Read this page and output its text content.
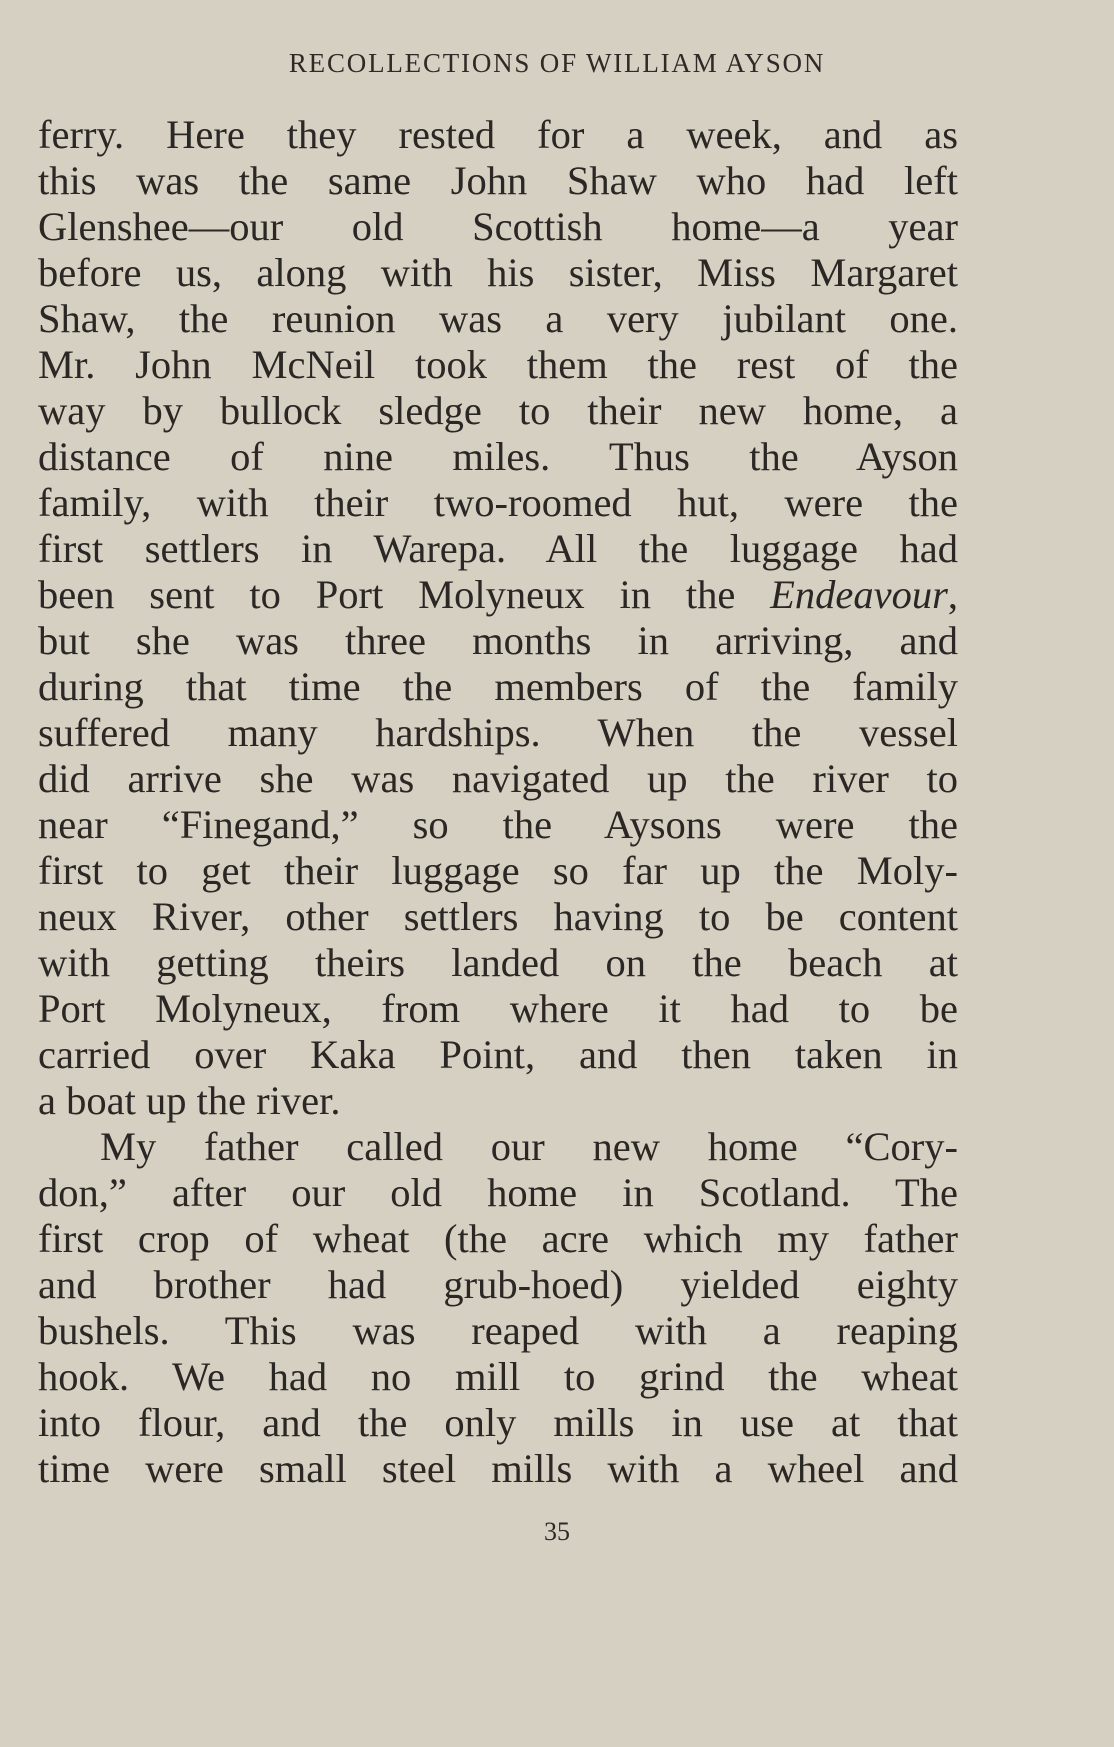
RECOLLECTIONS OF WILLIAM AYSON
ferry. Here they rested for a week, and as
this was the same John Shaw who had left
Glenshee—our old Scottish home—a year
before us, along with his sister, Miss Margaret
Shaw, the reunion was a very jubilant one.
Mr. John McNeil took them the rest of the
way by bullock sledge to their new home, a
distance of nine miles. Thus the Ayson
family, with their two-roomed hut, were the
first settlers in Warepa. All the luggage had
been sent to Port Molyneux in the Endeavour,
but she was three months in arriving, and
during that time the members of the family
suffered many hardships. When the vessel
did arrive she was navigated up the river to
near “Finegand,” so the Aysons were the
first to get their luggage so far up the Moly-
neux River, other settlers having to be content
with getting theirs landed on the beach at
Port Molyneux, from where it had to be
carried over Kaka Point, and then taken in
a boat up the river.
My father called our new home “Cory-
don,” after our old home in Scotland. The
first crop of wheat (the acre which my father
and brother had grub-hoed) yielded eighty
bushels. This was reaped with a reaping
hook. We had no mill to grind the wheat
into flour, and the only mills in use at that
time were small steel mills with a wheel and
35
